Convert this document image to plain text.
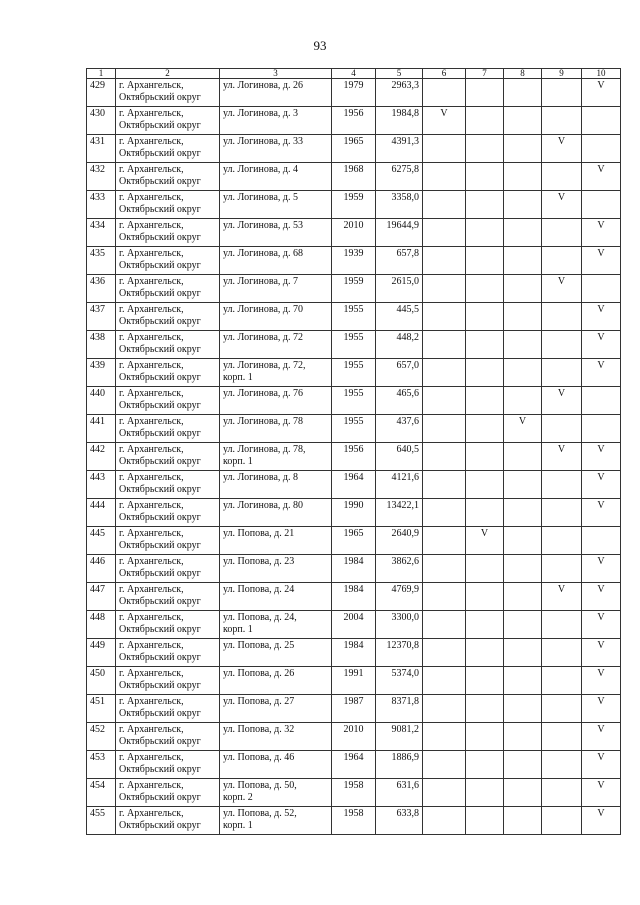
93
1	2	3	4	5	6	7	8	9	10
429	г. Архангельск,
Октябрьский округ	ул. Логинова, д. 26	1979	2963,3					V
430	г. Архангельск,
Октябрьский округ	ул. Логинова, д. 3	1956	1984,8	V				
431	г. Архангельск,
Октябрьский округ	ул. Логинова, д. 33	1965	4391,3				V	
432	г. Архангельск,
Октябрьский округ	ул. Логинова, д. 4	1968	6275,8					V
433	г. Архангельск,
Октябрьский округ	ул. Логинова, д. 5	1959	3358,0				V	
434	г. Архангельск,
Октябрьский округ	ул. Логинова, д. 53	2010	19644,9					V
435	г. Архангельск,
Октябрьский округ	ул. Логинова, д. 68	1939	657,8					V
436	г. Архангельск,
Октябрьский округ	ул. Логинова, д. 7	1959	2615,0				V	
437	г. Архангельск,
Октябрьский округ	ул. Логинова, д. 70	1955	445,5					V
438	г. Архангельск,
Октябрьский округ	ул. Логинова, д. 72	1955	448,2					V
439	г. Архангельск,
Октябрьский округ	ул. Логинова, д. 72,
корп. 1	1955	657,0					V
440	г. Архангельск,
Октябрьский округ	ул. Логинова, д. 76	1955	465,6				V	
441	г. Архангельск,
Октябрьский округ	ул. Логинова, д. 78	1955	437,6			V		
442	г. Архангельск,
Октябрьский округ	ул. Логинова, д. 78,
корп. 1	1956	640,5				V	V
443	г. Архангельск,
Октябрьский округ	ул. Логинова, д. 8	1964	4121,6					V
444	г. Архангельск,
Октябрьский округ	ул. Логинова, д. 80	1990	13422,1					V
445	г. Архангельск,
Октябрьский округ	ул. Попова, д. 21	1965	2640,9		V			
446	г. Архангельск,
Октябрьский округ	ул. Попова, д. 23	1984	3862,6					V
447	г. Архангельск,
Октябрьский округ	ул. Попова, д. 24	1984	4769,9				V	V
448	г. Архангельск,
Октябрьский округ	ул. Попова, д. 24,
корп. 1	2004	3300,0					V
449	г. Архангельск,
Октябрьский округ	ул. Попова, д. 25	1984	12370,8					V
450	г. Архангельск,
Октябрьский округ	ул. Попова, д. 26	1991	5374,0					V
451	г. Архангельск,
Октябрьский округ	ул. Попова, д. 27	1987	8371,8					V
452	г. Архангельск,
Октябрьский округ	ул. Попова, д. 32	2010	9081,2					V
453	г. Архангельск,
Октябрьский округ	ул. Попова, д. 46	1964	1886,9					V
454	г. Архангельск,
Октябрьский округ	ул. Попова, д. 50,
корп. 2	1958	631,6					V
455	г. Архангельск,
Октябрьский округ	ул. Попова, д. 52,
корп. 1	1958	633,8					V
